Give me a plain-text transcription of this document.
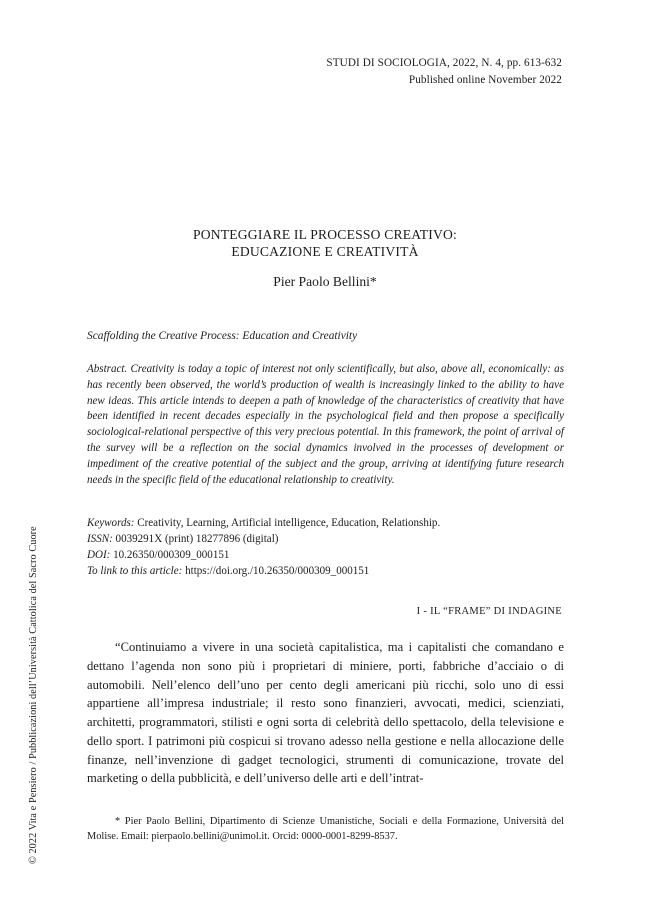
STUDI DI SOCIOLOGIA, 2022, N. 4, pp. 613-632
Published online November 2022
PONTEGGIARE IL PROCESSO CREATIVO:
EDUCAZIONE E CREATIVITÀ
Pier Paolo Bellini*
Scaffolding the Creative Process: Education and Creativity
Abstract. Creativity is today a topic of interest not only scientifically, but also, above all, economically: as has recently been observed, the world’s production of wealth is increasingly linked to the ability to have new ideas. This article intends to deepen a path of knowledge of the characteristics of creativity that have been identified in recent decades especially in the psychological field and then propose a specifically sociological-relational perspective of this very precious potential. In this framework, the point of arrival of the survey will be a reflection on the social dynamics involved in the processes of development or impediment of the creative potential of the subject and the group, arriving at identifying future research needs in the specific field of the educational relationship to creativity.
Keywords: Creativity, Learning, Artificial intelligence, Education, Relationship.
ISSN: 0039291X (print) 18277896 (digital)
DOI: 10.26350/000309_000151
To link to this article: https://doi.org./10.26350/000309_000151
I - IL “FRAME” DI INDAGINE
“Continuiamo a vivere in una società capitalistica, ma i capitalisti che comandano e dettano l’agenda non sono più i proprietari di miniere, porti, fabbriche d’acciaio o di automobili. Nell’elenco dell’uno per cento degli americani più ricchi, solo uno di essi appartiene all’impresa industriale; il resto sono finanzieri, avvocati, medici, scienziati, architetti, programmatori, stilisti e ogni sorta di celebrità dello spettacolo, della televisione e dello sport. I patrimoni più cospicui si trovano adesso nella gestione e nella allocazione delle finanze, nell’invenzione di gadget tecnologici, strumenti di comunicazione, trovate del marketing o della pubblicità, e dell’universo delle arti e dell’intrat-
* Pier Paolo Bellini, Dipartimento di Scienze Umanistiche, Sociali e della Formazione, Università del Molise. Email: pierpaolo.bellini@unimol.it. Orcid: 0000-0001-8299-8537.
© 2022 Vita e Pensiero / Pubblicazioni dell’Università Cattolica del Sacro Cuore
